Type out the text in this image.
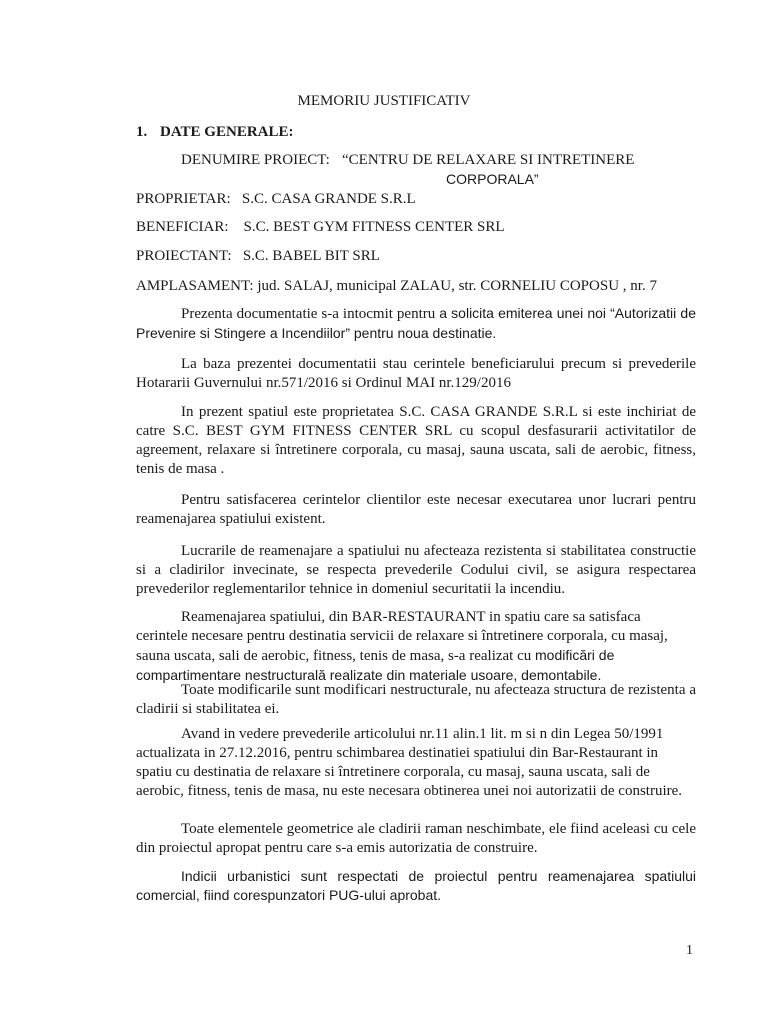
MEMORIU JUSTIFICATIV
1. DATE GENERALE:
DENUMIRE PROIECT: “CENTRU DE RELAXARE SI INTRETINERE
CORPORALA”
PROPRIETAR: S.C. CASA GRANDE S.R.L
BENEFICIAR: S.C. BEST GYM FITNESS CENTER SRL
PROIECTANT: S.C. BABEL BIT SRL
AMPLASAMENT: jud. SALAJ, municipal ZALAU, str. CORNELIU COPOSU , nr. 7

Prezenta documentatie s-a intocmit pentru a solicita emiterea unei noi “Autorizatii de Prevenire si Stingere a Incendiilor” pentru noua destinatie.

La baza prezentei documentatii stau cerintele beneficiarului precum si prevederile Hotararii Guvernului nr.571/2016 si Ordinul MAI nr.129/2016

In prezent spatiul este proprietatea S.C. CASA GRANDE S.R.L si este inchiriat de catre S.C. BEST GYM FITNESS CENTER SRL cu scopul desfasurarii activitatilor de agreement, relaxare si întretinere corporala, cu masaj, sauna uscata, sali de aerobic, fitness, tenis de masa .

Pentru satisfacerea cerintelor clientilor este necesar executarea unor lucrari pentru reamenajarea spatiului existent.

Lucrarile de reamenajare a spatiului nu afecteaza rezistenta si stabilitatea constructie si a cladirilor invecinate, se respecta prevederile Codului civil, se asigura respectarea prevederilor reglementarilor tehnice in domeniul securitatii la incendiu.

Reamenajarea spatiului, din BAR-RESTAURANT in spatiu care sa satisfaca cerintele necesare pentru destinatia servicii de relaxare si întretinere corporala, cu masaj, sauna uscata, sali de aerobic, fitness, tenis de masa, s-a realizat cu modificări de compartimentare nestructurală realizate din materiale usoare, demontabile.

Toate modificarile sunt modificari nestructurale, nu afecteaza structura de rezistenta a cladirii si stabilitatea ei.

Avand in vedere prevederile articolului nr.11 alin.1 lit. m si n din Legea 50/1991 actualizata in 27.12.2016, pentru schimbarea destinatiei spatiului din Bar-Restaurant in spatiu cu destinatia de relaxare si întretinere corporala, cu masaj, sauna uscata, sali de aerobic, fitness, tenis de masa, nu este necesara obtinerea unei noi autorizatii de construire.

Toate elementele geometrice ale cladirii raman neschimbate, ele fiind aceleasi cu cele din proiectul apropat pentru care s-a emis autorizatia de construire.

Indicii urbanistici sunt respectati de proiectul pentru reamenajarea spatiului comercial, fiind corespunzatori PUG-ului aprobat.

1
